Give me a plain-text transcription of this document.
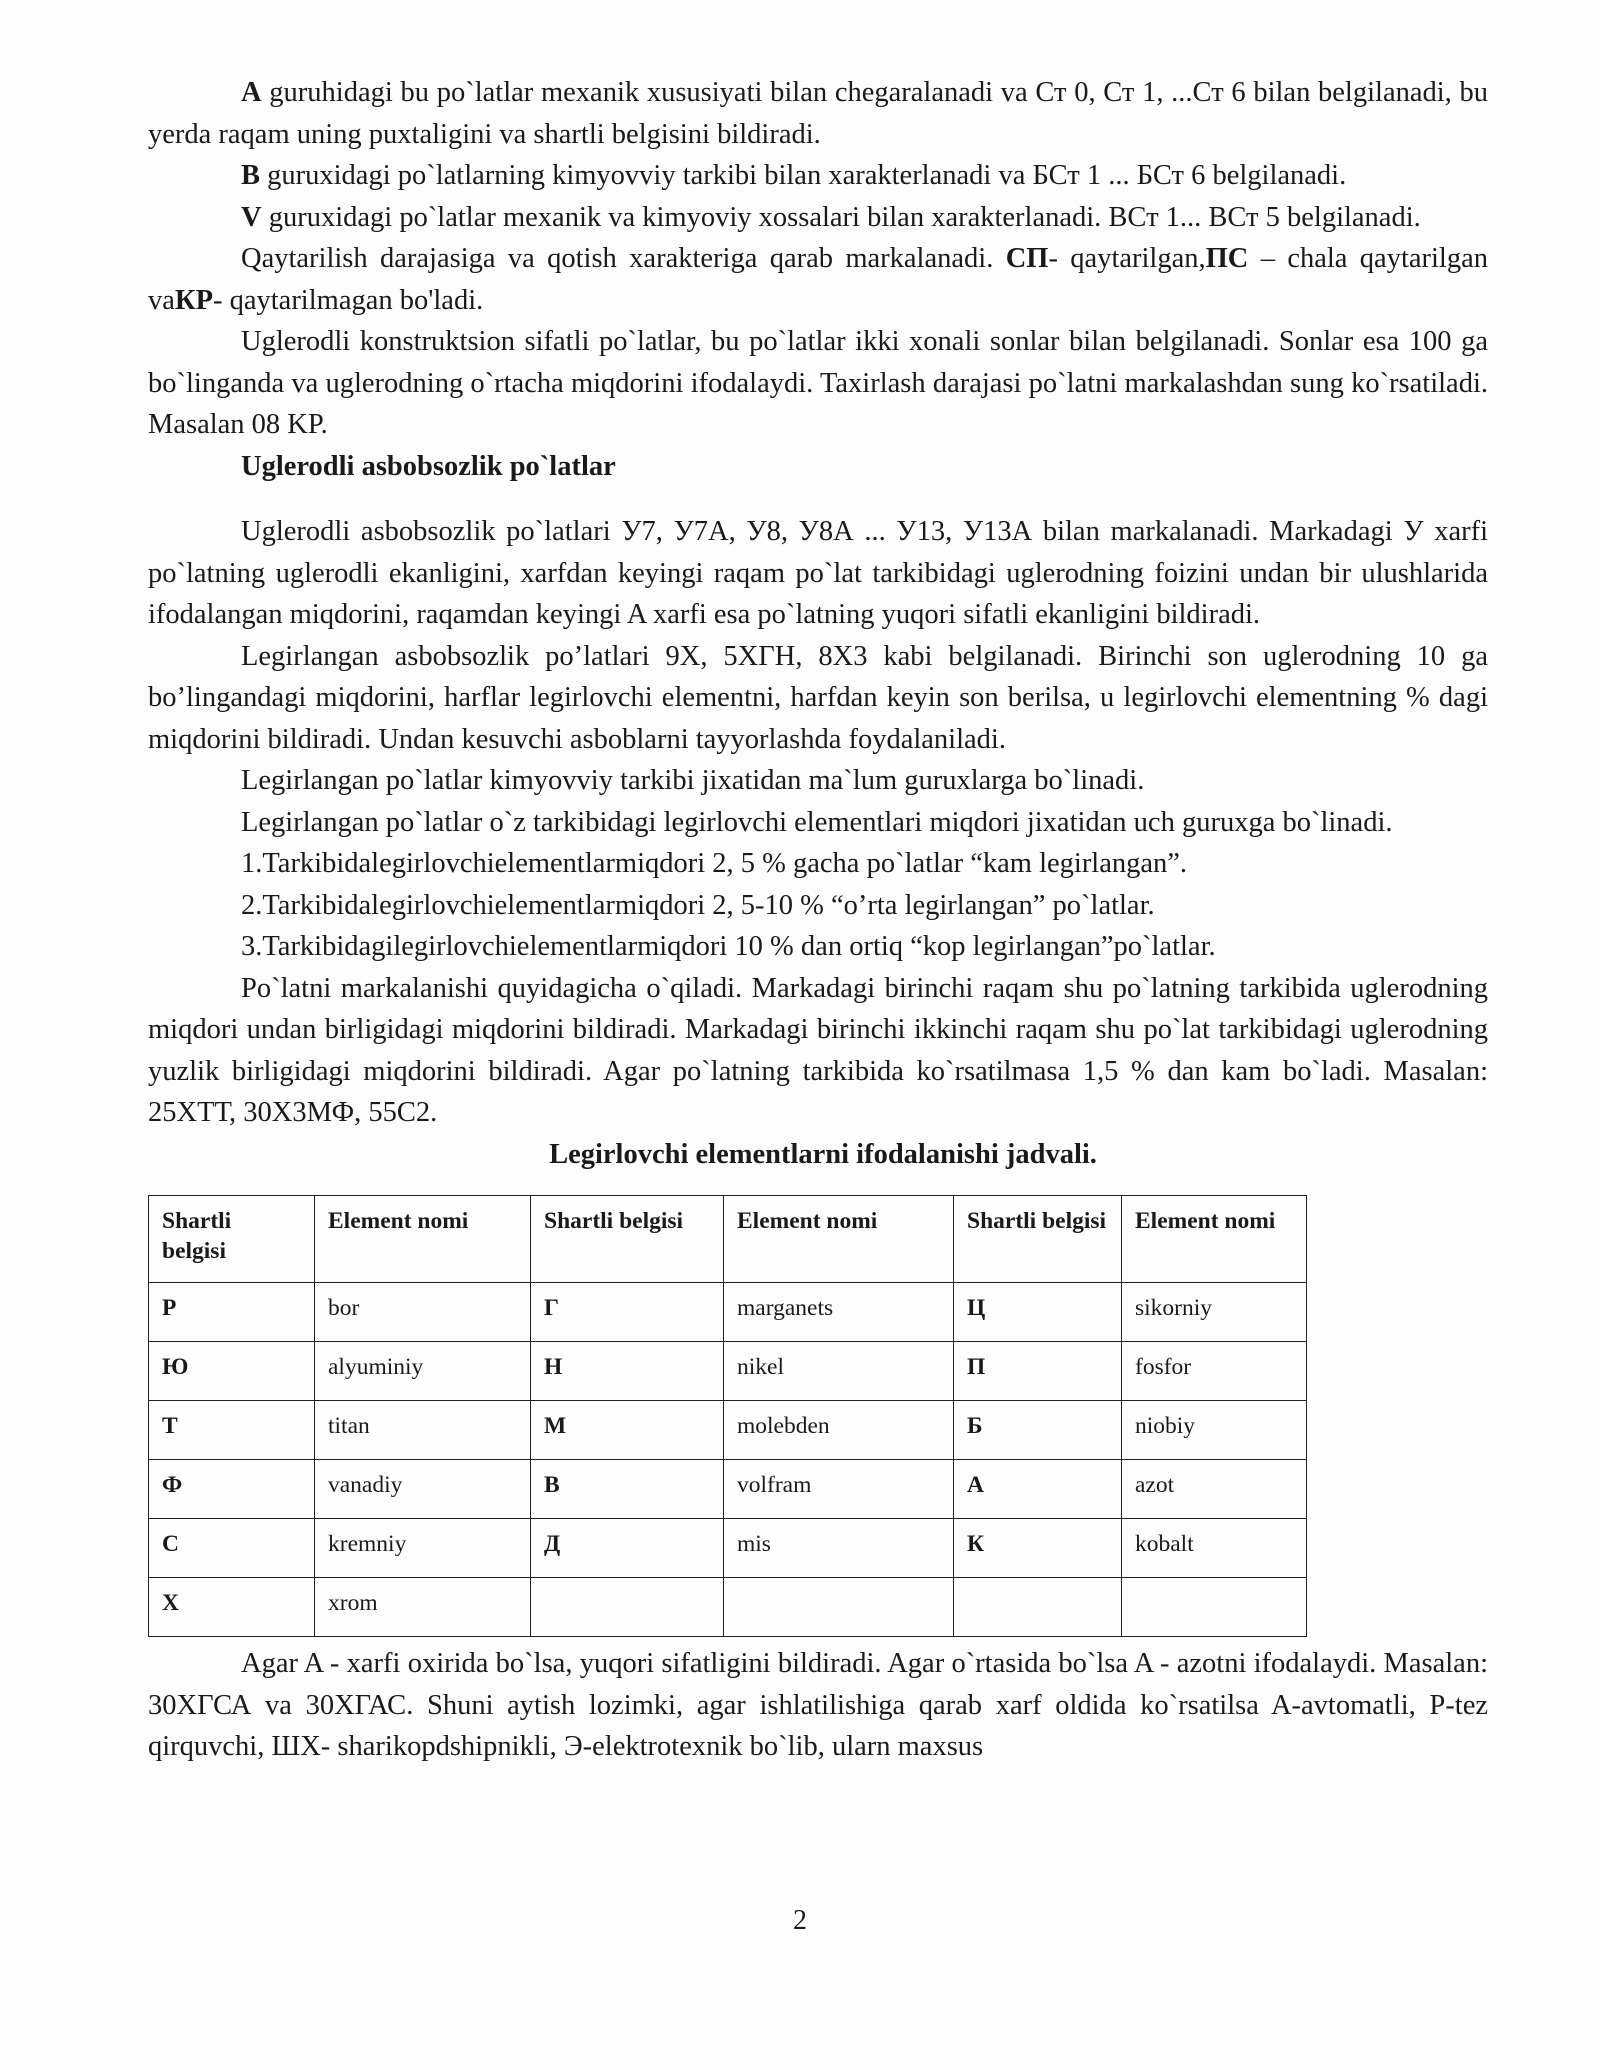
A guruhidagi bu po`latlar mexanik xususiyati bilan chegaralanadi va Ст 0, Ст 1, ...Ст 6 bilan belgilanadi, bu yerda raqam uning puxtaligini va shartli belgisini bildiradi.

B guruxidagi po`latlarning kimyovviy tarkibi bilan xarakterlanadi va БСт 1 ... БСт 6 belgilanadi.

V guruxidagi po`latlar mexanik va kimyoviy xossalari bilan xarakterlanadi. ВСт 1... ВСт 5 belgilanadi.

Qaytarilish darajasiga va qotish xarakteriga qarab markalanadi. СП- qaytarilgan,ПС – chala qaytarilgan vaКР- qaytarilmagan bo'ladi.

Uglerodli konstruktsion sifatli po`latlar, bu po`latlar ikki xonali sonlar bilan belgilanadi. Sonlar esa 100 ga bo`linganda va uglerodning o`rtacha miqdorini ifodalaydi. Taxirlash darajasi po`latni markalashdan sung ko`rsatiladi. Masalan 08 KP.

Uglerodli asbobsozlik po`latlar

Uglerodli asbobsozlik po`latlari У7, У7А, У8, У8А ... У13, У13А bilan markalanadi. Markadagi У xarfi po`latning uglerodli ekanligini, xarfdan keyingi raqam po`lat tarkibidagi uglerodning foizini undan bir ulushlarida ifodalangan miqdorini, raqamdan keyingi A xarfi esa po`latning yuqori sifatli ekanligini bildiradi.

Legirlangan asbobsozlik po’latlari 9Х, 5ХГН, 8Х3 kabi belgilanadi. Birinchi son uglerodning 10 ga bo’lingandagi miqdorini, harflar legirlovchi elementni, harfdan keyin son berilsa, u legirlovchi elementning % dagi miqdorini bildiradi. Undan kesuvchi asboblarni tayyorlashda foydalaniladi.

Legirlangan po`latlar kimyovviy tarkibi jixatidan ma`lum guruxlarga bo`linadi.

Legirlangan po`latlar o`z tarkibidagi legirlovchi elementlari miqdori jixatidan uch guruxga bo`linadi.

1.Tarkibidalegirlovchielementlarmiqdori 2, 5 % gacha po`latlar “kam legirlangan”.

2.Tarkibidalegirlovchielementlarmiqdori 2, 5-10 % “o’rta legirlangan” po`latlar.

3.Tarkibidagilegirlovchielementlarmiqdori 10 % dan ortiq “kop legirlangan”po`latlar.

Po`latni markalanishi quyidagicha o`qiladi. Markadagi birinchi raqam shu po`latning tarkibida uglerodning miqdori undan birligidagi miqdorini bildiradi. Markadagi birinchi ikkinchi raqam shu po`lat tarkibidagi uglerodning yuzlik birligidagi miqdorini bildiradi. Agar po`latning tarkibida ko`rsatilmasa 1,5 % dan kam bo`ladi. Masalan: 25ХТТ, 30Х3МФ, 55С2.

Legirlovchi elementlarni ifodalanishi jadvali.

Shartli belgisi	Element nomi	Shartli belgisi	Element nomi	Shartli belgisi	Element nomi
Р	bor	Г	marganets	Ц	sikorniy
Ю	alyuminiy	Н	nikel	П	fosfor
Т	titan	М	molebden	Б	niobiy
Ф	vanadiy	В	volfram	А	azot
С	kremniy	Д	mis	К	kobalt
Х	xrom				

Agar A - xarfi oxirida bo`lsa, yuqori sifatligini bildiradi. Agar o`rtasida bo`lsa A - azotni ifodalaydi. Masalan: 30ХГСА va 30ХГАС. Shuni aytish lozimki, agar ishlatilishiga qarab xarf oldida ko`rsatilsa A-avtomatli, P-tez qirquvchi, ШХ- sharikopdshipnikli, Э-elektrotexnik bo`lib, ularn maxsus

2
